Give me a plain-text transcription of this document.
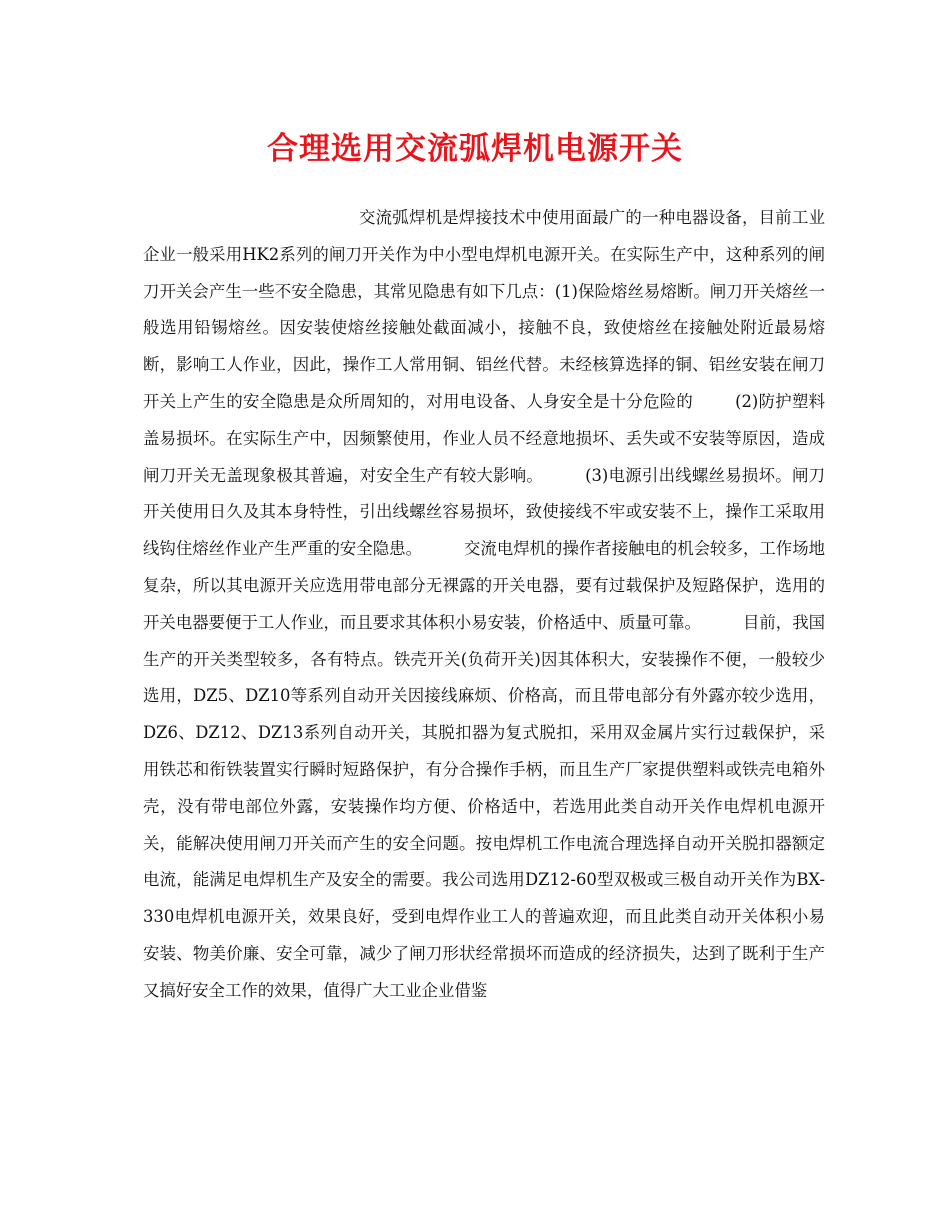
合理选用交流弧焊机电源开关

交流弧焊机是焊接技术中使用面最广的一种电器设备，目前工业企业一般采用HK2系列的闸刀开关作为中小型电焊机电源开关。在实际生产中，这种系列的闸刀开关会产生一些不安全隐患，其常见隐患有如下几点：(1)保险熔丝易熔断。闸刀开关熔丝一般选用铅锡熔丝。因安装使熔丝接触处截面减小，接触不良，致使熔丝在接触处附近最易熔断，影响工人作业，因此，操作工人常用铜、铝丝代替。未经核算选择的铜、铝丝安装在闸刀开关上产生的安全隐患是众所周知的，对用电设备、人身安全是十分危险的	(2)防护塑料盖易损坏。在实际生产中，因频繁使用，作业人员不经意地损坏、丢失或不安装等原因，造成闸刀开关无盖现象极其普遍，对安全生产有较大影响。	(3)电源引出线螺丝易损坏。闸刀开关使用日久及其本身特性，引出线螺丝容易损坏，致使接线不牢或安装不上，操作工采取用线钩住熔丝作业产生严重的安全隐患。	交流电焊机的操作者接触电的机会较多，工作场地复杂，所以其电源开关应选用带电部分无裸露的开关电器，要有过载保护及短路保护，选用的开关电器要便于工人作业，而且要求其体积小易安装，价格适中、质量可靠。	目前，我国生产的开关类型较多，各有特点。铁壳开关(负荷开关)因其体积大，安装操作不便，一般较少选用，DZ5、DZ10等系列自动开关因接线麻烦、价格高，而且带电部分有外露亦较少选用，DZ6、DZ12、DZ13系列自动开关，其脱扣器为复式脱扣，采用双金属片实行过载保护，采用铁芯和衔铁装置实行瞬时短路保护，有分合操作手柄，而且生产厂家提供塑料或铁壳电箱外壳，没有带电部位外露，安装操作均方便、价格适中，若选用此类自动开关作电焊机电源开关，能解决使用闸刀开关而产生的安全问题。按电焊机工作电流合理选择自动开关脱扣器额定电流，能满足电焊机生产及安全的需要。我公司选用DZ12-60型双极或三极自动开关作为BX-330电焊机电源开关，效果良好，受到电焊作业工人的普遍欢迎，而且此类自动开关体积小易安装、物美价廉、安全可靠，减少了闸刀形状经常损坏而造成的经济损失，达到了既利于生产又搞好安全工作的效果，值得广大工业企业借鉴
